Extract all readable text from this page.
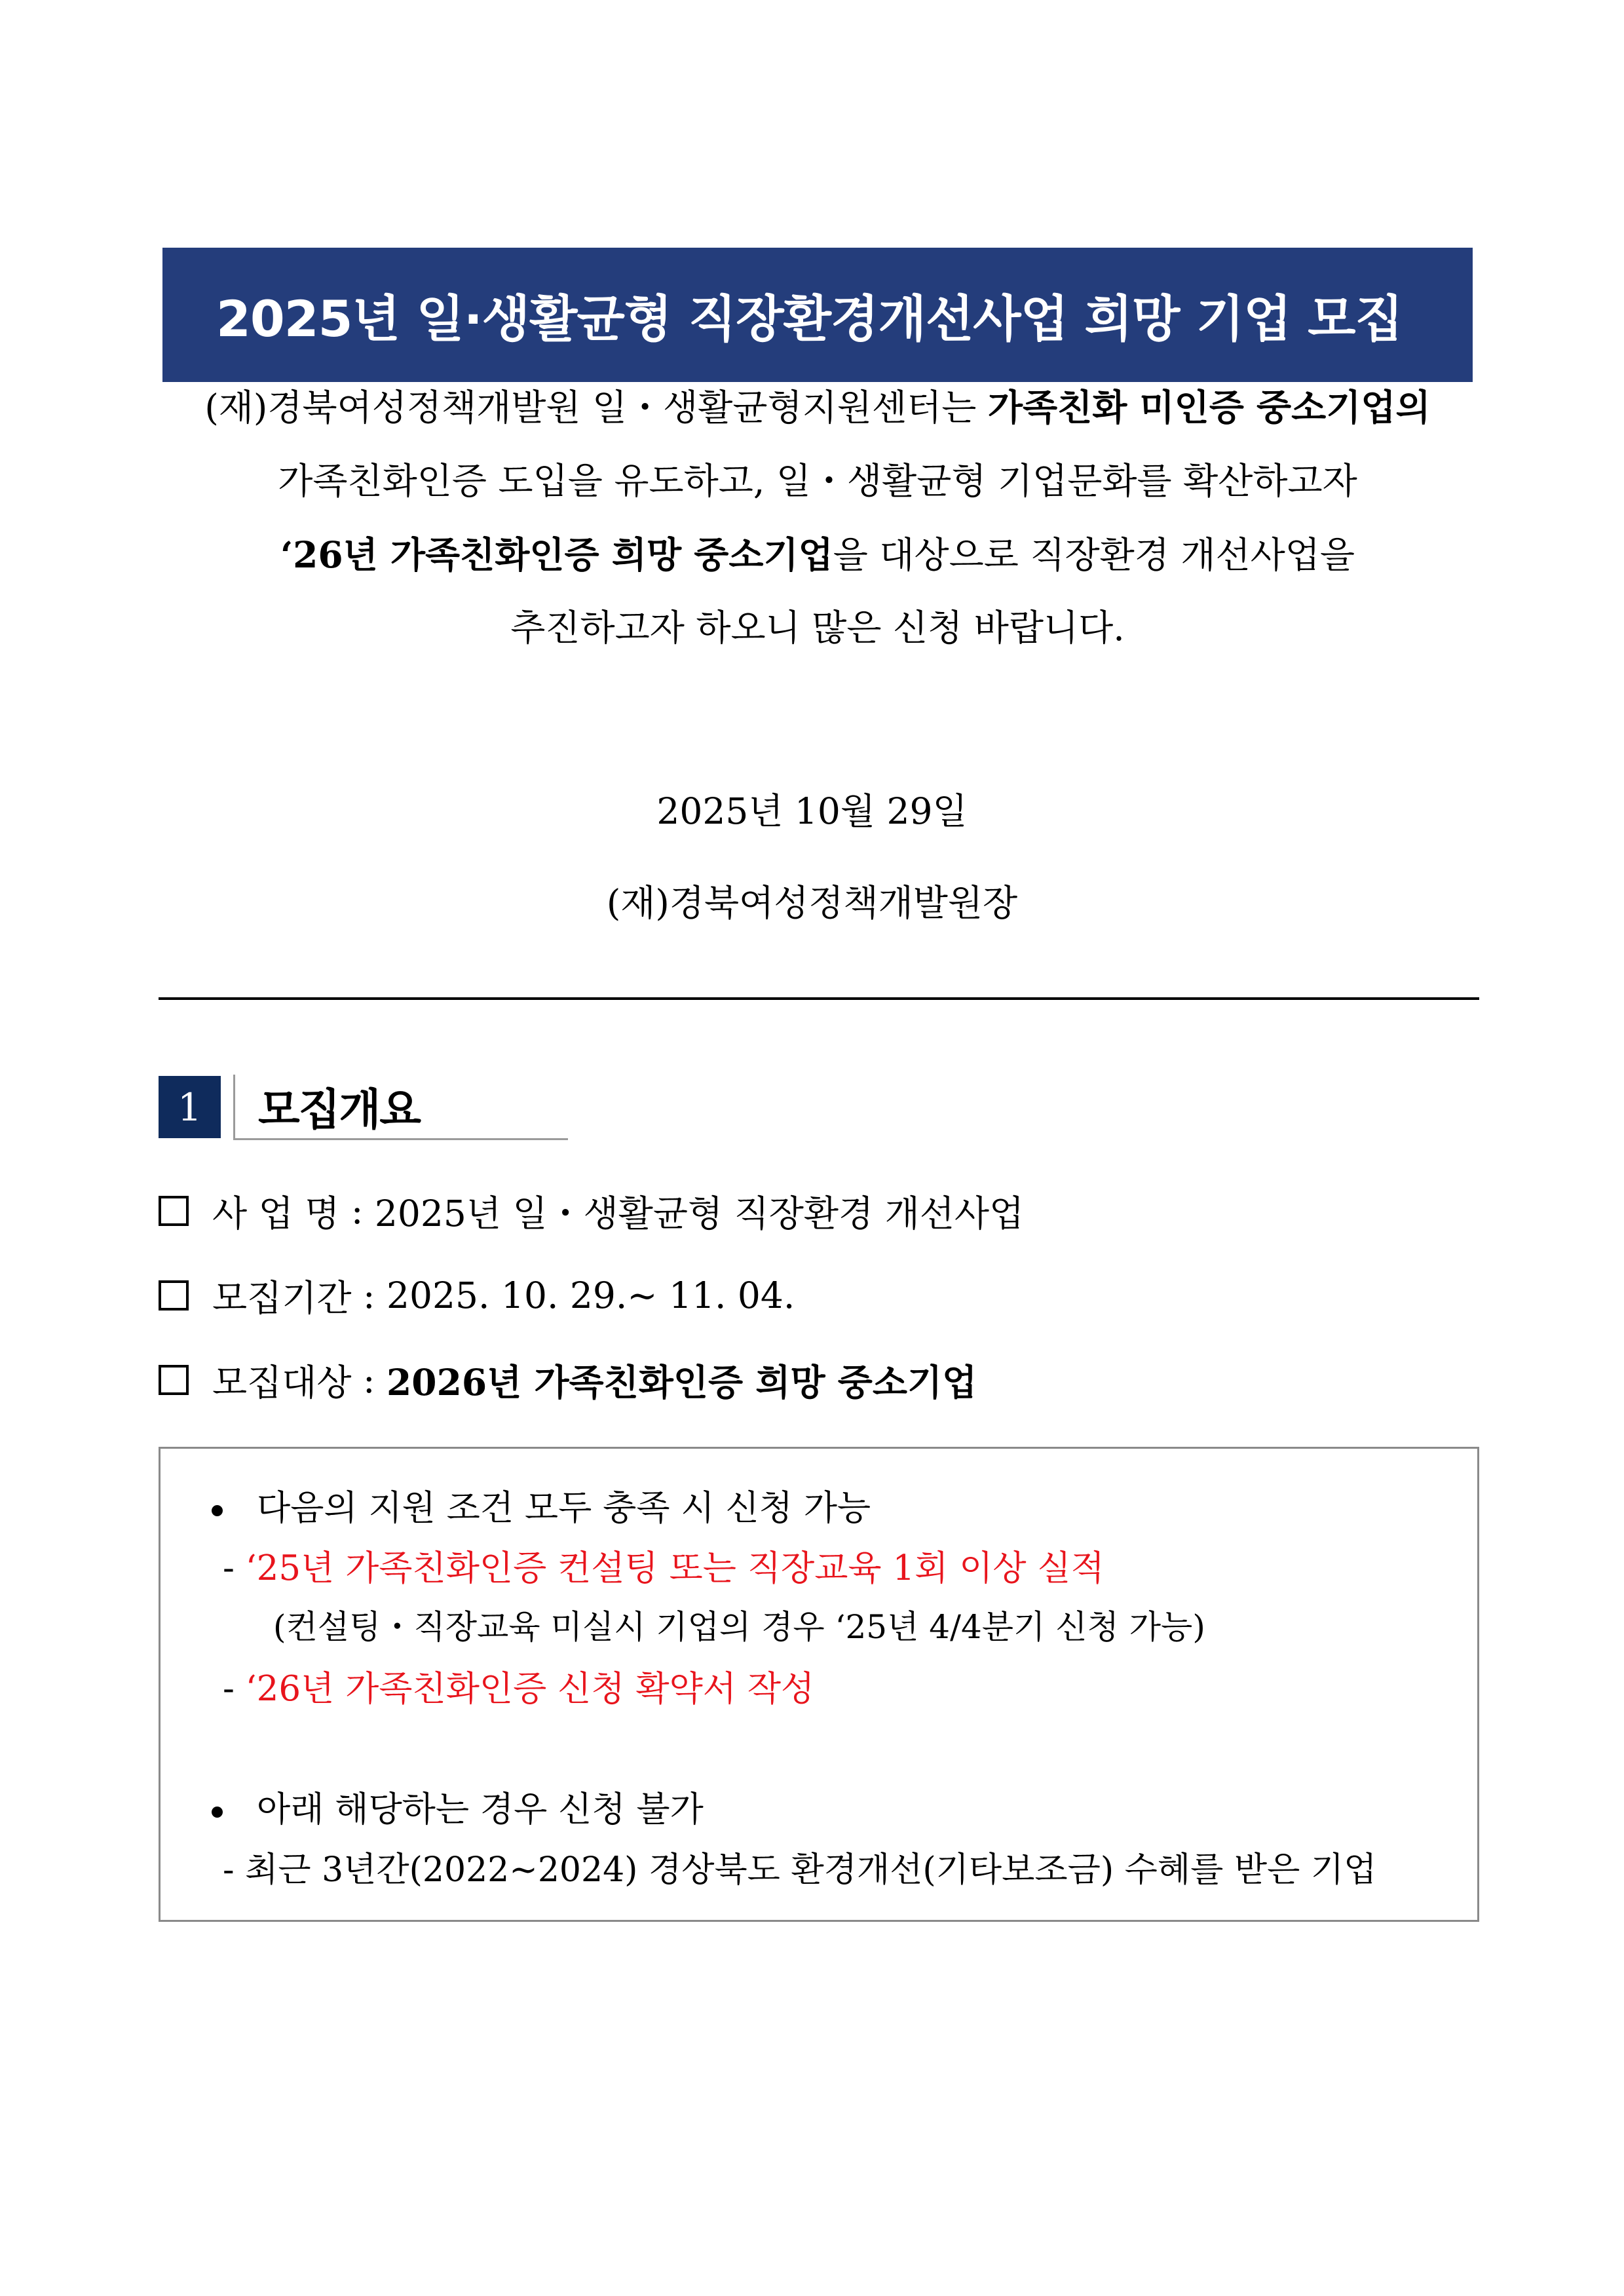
2025년 일·생활균형 직장환경개선사업 희망 기업 모집
(재)경북여성정책개발원 일・생활균형지원센터는 가족친화 미인증 중소기업의
가족친화인증 도입을 유도하고, 일・생활균형 기업문화를 확산하고자
‘26년 가족친화인증 희망 중소기업을 대상으로 직장환경 개선사업을
추진하고자 하오니 많은 신청 바랍니다.
2025년 10월 29일
(재)경북여성정책개발원장
1	모집개요
사 업 명 : 2025년 일・생활균형 직장환경 개선사업
모집기간 : 2025. 10. 29.~ 11. 04.
모집대상 : 2026년 가족친화인증 희망 중소기업
다음의 지원 조건 모두 충족 시 신청 가능
- ‘25년 가족친화인증 컨설팅 또는 직장교육 1회 이상 실적
(컨설팅・직장교육 미실시 기업의 경우 ‘25년 4/4분기 신청 가능)
- ‘26년 가족친화인증 신청 확약서 작성
아래 해당하는 경우 신청 불가
- 최근 3년간(2022~2024) 경상북도 환경개선(기타보조금) 수혜를 받은 기업
